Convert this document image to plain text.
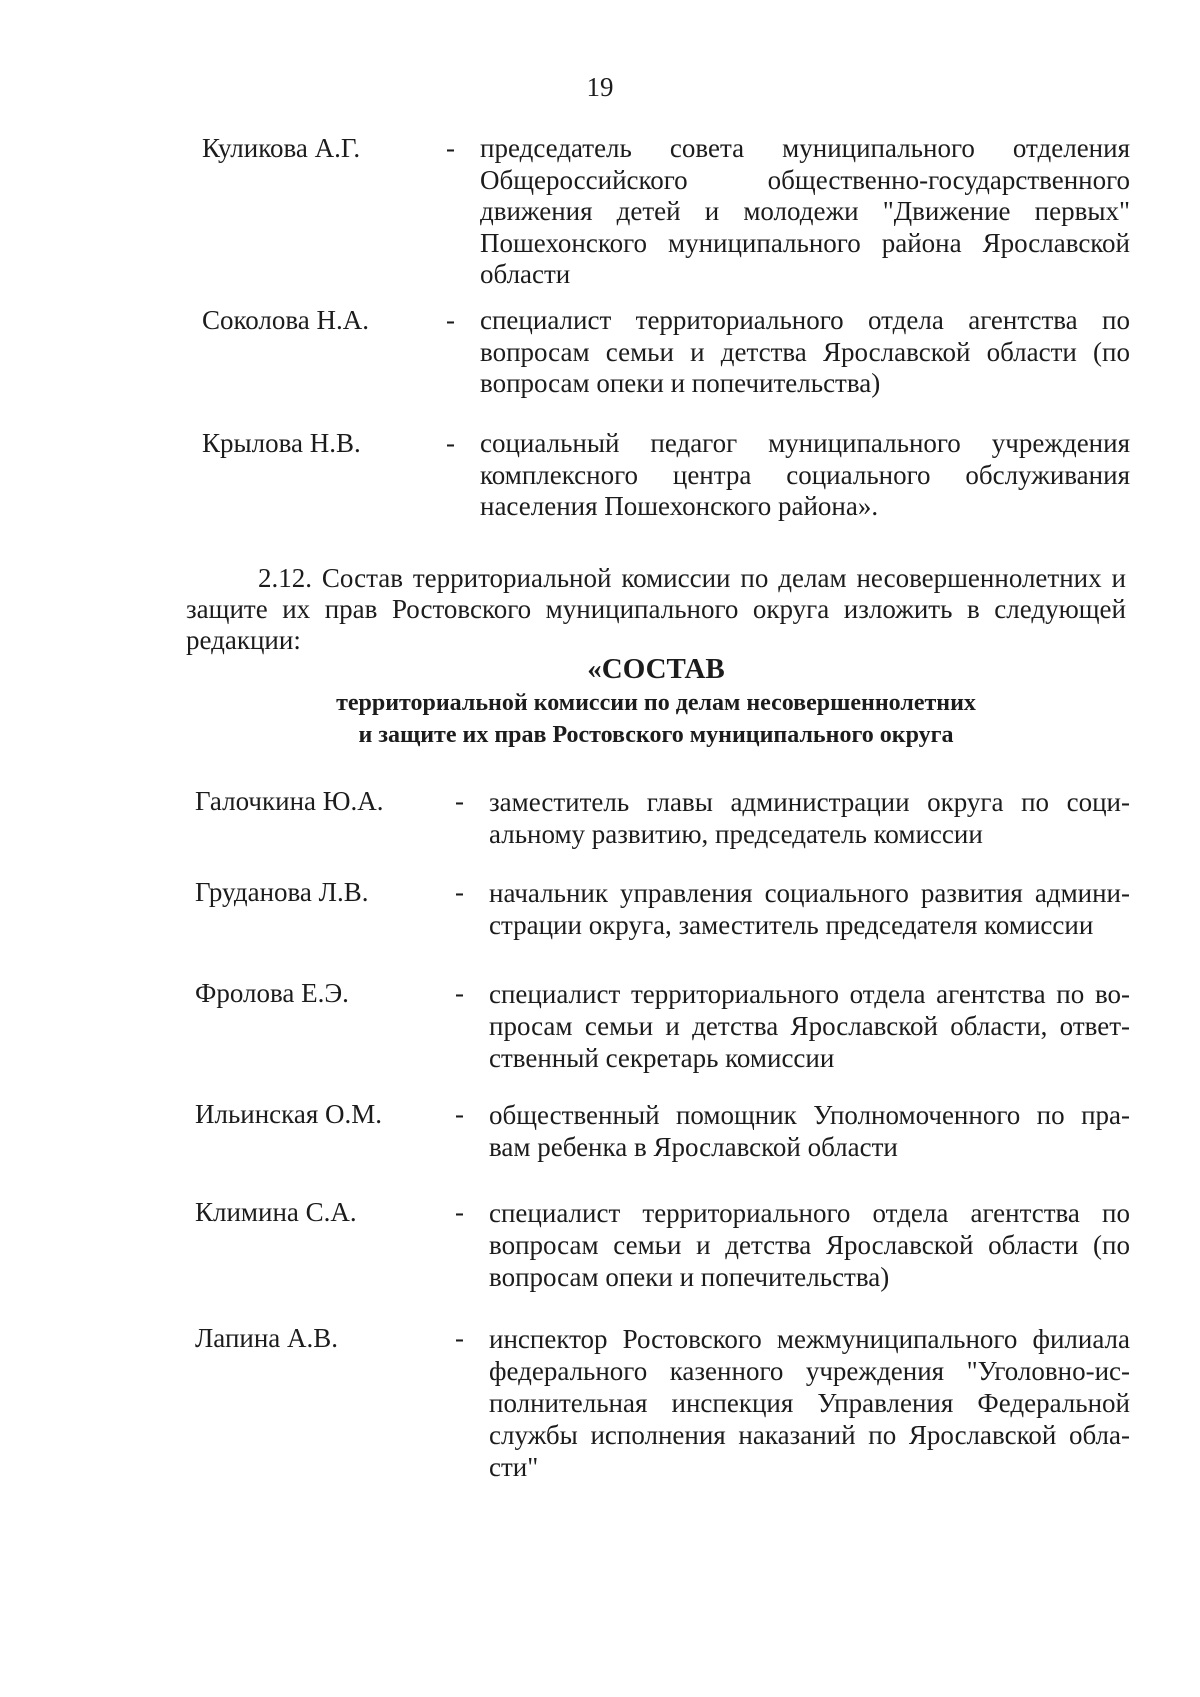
19
Куликова А.Г.	- председатель совета муниципального отделения Общероссийского общественно-государственного движения детей и молодежи "Движение первых" Пошехонского муниципального района Ярославской области
Соколова Н.А.	- специалист территориального отдела агентства по вопросам семьи и детства Ярославской области (по вопросам опеки и попечительства)
Крылова Н.В.	- социальный педагог муниципального учреждения комплексного центра социального обслуживания населения Пошехонского района».

2.12. Состав территориальной комиссии по делам несовершеннолетних и защите их прав Ростовского муниципального округа изложить в следующей редакции:

«СОСТАВ
территориальной комиссии по делам несовершеннолетних
и защите их прав Ростовского муниципального округа
Галочкина Ю.А.	- заместитель главы администрации округа по соци-альному развитию, председатель комиссии
Груданова Л.В.	- начальник управления социального развития админи-страции округа, заместитель председателя комиссии
Фролова Е.Э.	- специалист территориального отдела агентства по во-просам семьи и детства Ярославской области, ответ-ственный секретарь комиссии
Ильинская О.М.	- общественный помощник Уполномоченного по пра-вам ребенка в Ярославской области
Климина С.А.	- специалист территориального отдела агентства по вопросам семьи и детства Ярославской области (по вопросам опеки и попечительства)
Лапина А.В.	- инспектор Ростовского межмуниципального филиала федерального казенного учреждения "Уголовно-ис-полнительная инспекция Управления Федеральной службы исполнения наказаний по Ярославской обла-сти"
